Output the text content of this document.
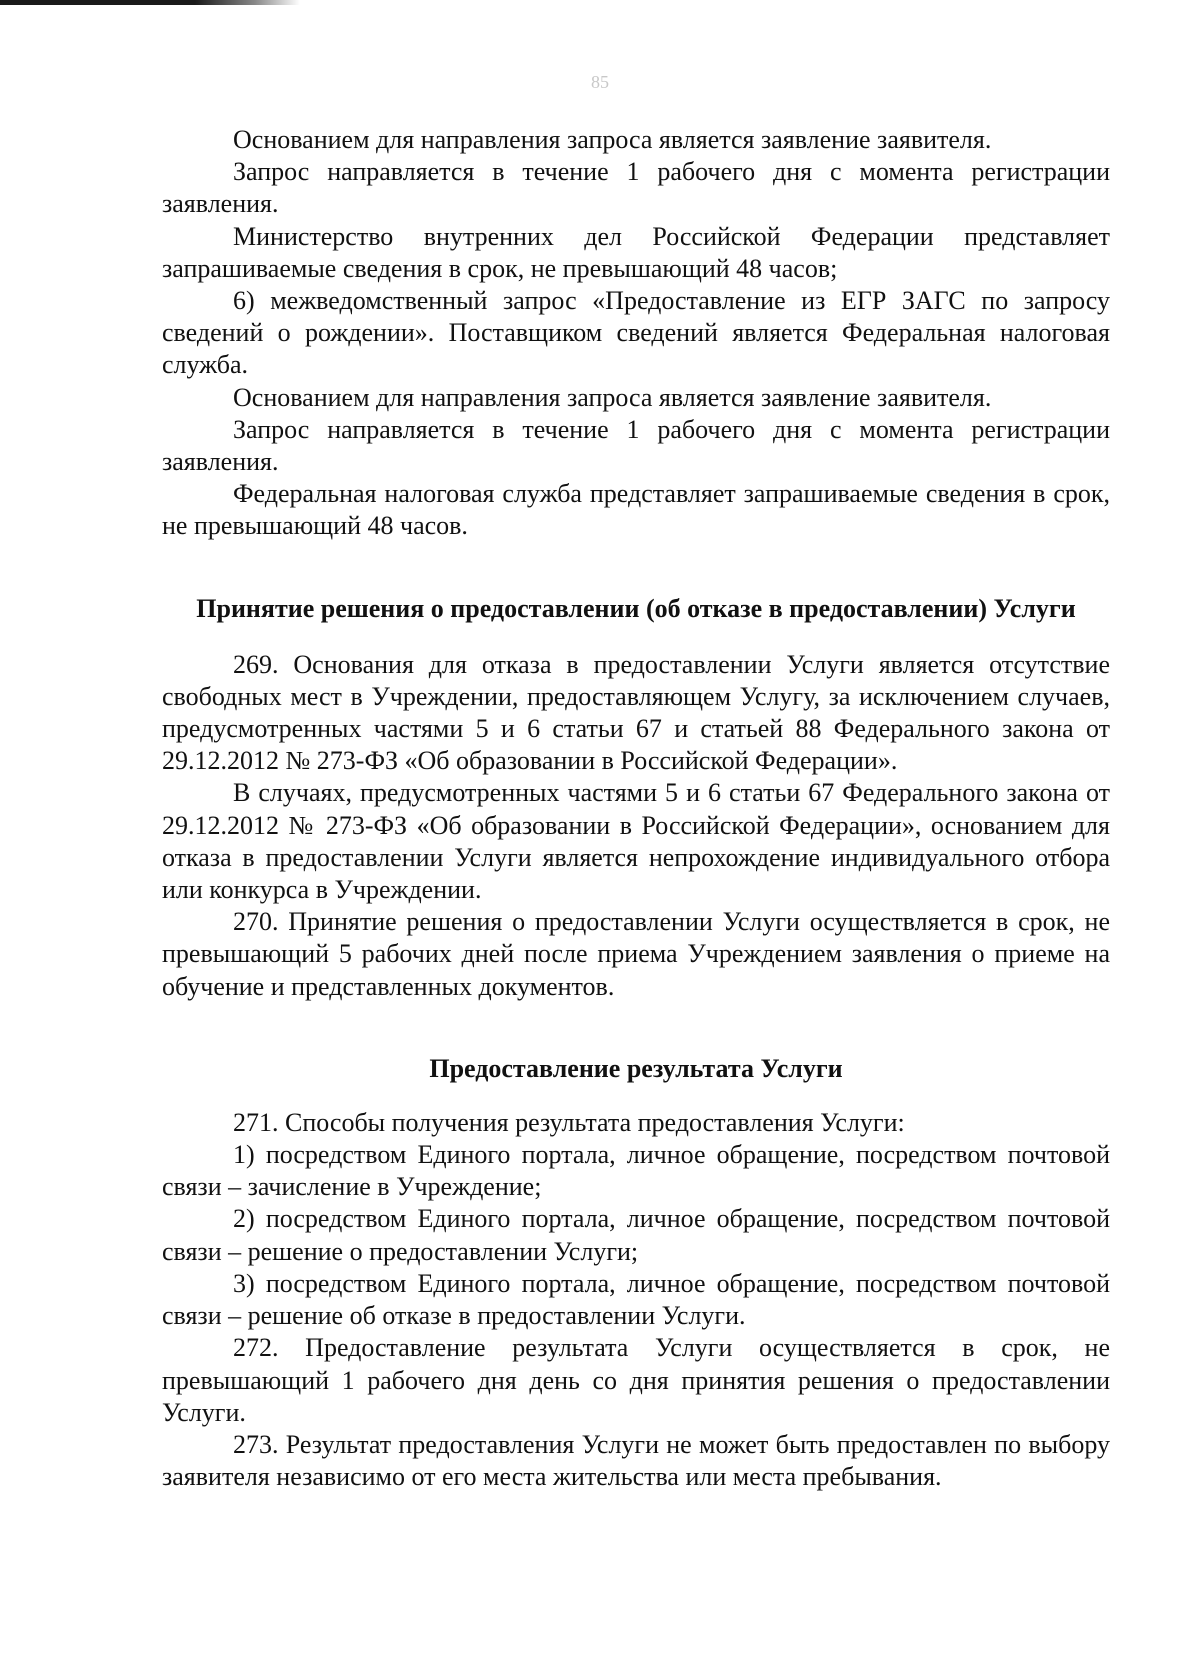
85

Основанием для направления запроса является заявление заявителя.

Запрос направляется в течение 1 рабочего дня с момента регистрации заявления.

Министерство внутренних дел Российской Федерации представляет запрашиваемые сведения в срок, не превышающий 48 часов;

6) межведомственный запрос «Предоставление из ЕГР ЗАГС по запросу сведений о рождении». Поставщиком сведений является Федеральная налоговая служба.

Основанием для направления запроса является заявление заявителя.

Запрос направляется в течение 1 рабочего дня с момента регистрации заявления.

Федеральная налоговая служба представляет запрашиваемые сведения в срок, не превышающий 48 часов.

Принятие решения о предоставлении (об отказе в предоставлении) Услуги

269. Основания для отказа в предоставлении Услуги является отсутствие свободных мест в Учреждении, предоставляющем Услугу, за исключением случаев, предусмотренных частями 5 и 6 статьи 67 и статьей 88 Федерального закона от 29.12.2012 № 273-ФЗ «Об образовании в Российской Федерации».

В случаях, предусмотренных частями 5 и 6 статьи 67 Федерального закона от 29.12.2012 № 273-ФЗ «Об образовании в Российской Федерации», основанием для отказа в предоставлении Услуги является непрохождение индивидуального отбора или конкурса в Учреждении.

270. Принятие решения о предоставлении Услуги осуществляется в срок, не превышающий 5 рабочих дней после приема Учреждением заявления о приеме на обучение и представленных документов.

Предоставление результата Услуги

271. Способы получения результата предоставления Услуги:

1) посредством Единого портала, личное обращение, посредством почтовой связи – зачисление в Учреждение;

2) посредством Единого портала, личное обращение, посредством почтовой связи – решение о предоставлении Услуги;

3) посредством Единого портала, личное обращение, посредством почтовой связи – решение об отказе в предоставлении Услуги.

272. Предоставление результата Услуги осуществляется в срок, не превышающий 1 рабочего дня день со дня принятия решения о предоставлении Услуги.

273. Результат предоставления Услуги не может быть предоставлен по выбору заявителя независимо от его места жительства или места пребывания.
